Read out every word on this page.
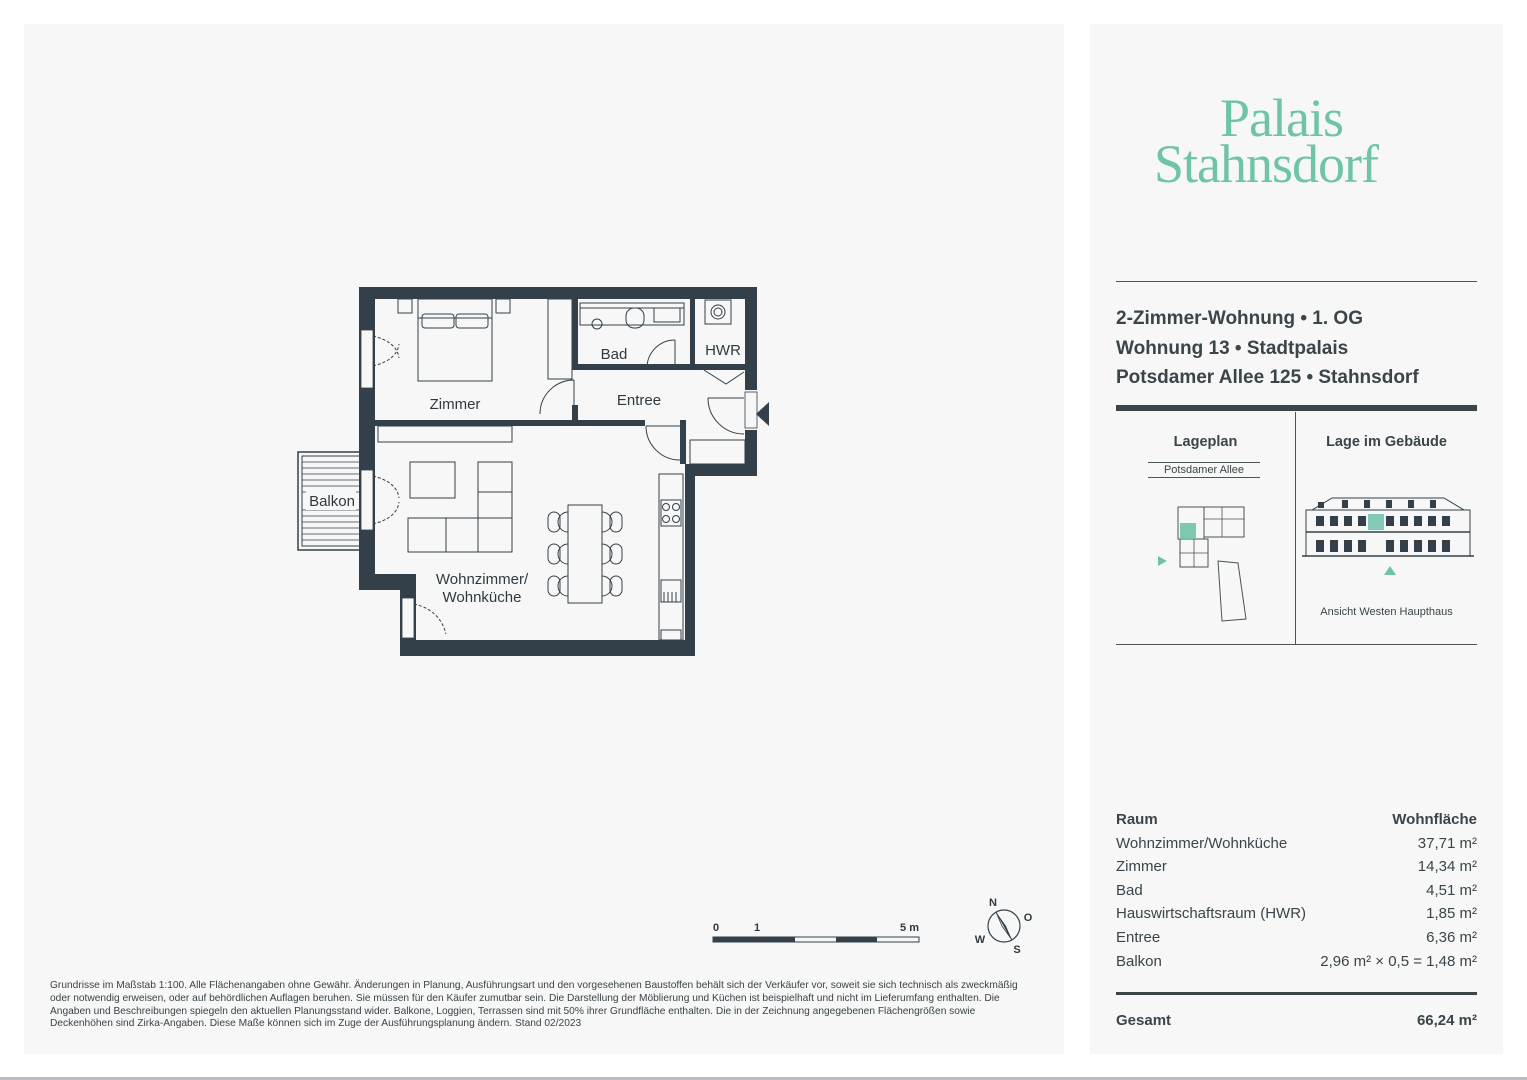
Zimmer
Bad	HWR
Entree
Balkon
Wohnzimmer/
Wohnküche
0	1	5 m
N
O
S
W
Grundrisse im Maßstab 1:100. Alle Flächenangaben ohne Gewähr. Änderungen in Planung, Ausführungsart und den vorgesehenen Baustoffen behält sich der Verkäufer vor, soweit sie sich technisch als zweckmäßig oder notwendig erweisen, oder auf behördlichen Auflagen beruhen. Sie müssen für den Käufer zumutbar sein. Die Darstellung der Möblierung und Küchen ist beispielhaft und nicht im Lieferumfang enthalten. Die Angaben und Beschreibungen spiegeln den aktuellen Planungsstand wider. Balkone, Loggien, Terrassen sind mit 50% ihrer Grundfläche enthalten. Die in der Zeichnung angegebenen Flächengrößen sowie Deckenhöhen sind Zirka-Angaben. Diese Maße können sich im Zuge der Ausführungsplanung ändern. Stand 02/2023
Palais
Stahnsdorf
2-Zimmer-Wohnung • 1. OG
Wohnung 13 • Stadtpalais
Potsdamer Allee 125 • Stahnsdorf
Lageplan
Potsdamer Allee
Lage im Gebäude
Ansicht Westen Haupthaus
Raum	Wohnfläche
Wohnzimmer/Wohnküche	37,71 m²
Zimmer	14,34 m²
Bad	4,51 m²
Hauswirtschaftsraum (HWR)	1,85 m²
Entree	6,36 m²
Balkon	2,96 m² × 0,5 = 1,48 m²
Gesamt	66,24 m²
